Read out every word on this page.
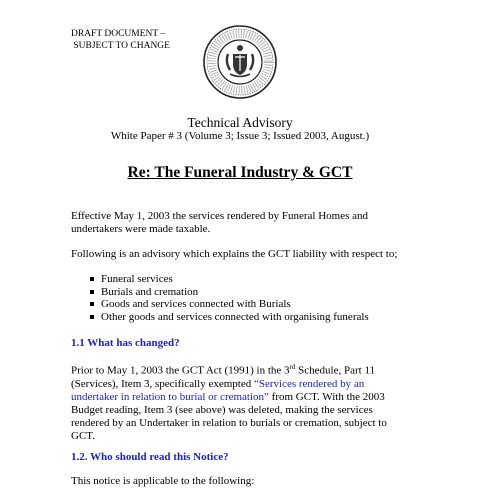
DRAFT DOCUMENT –
SUBJECT TO CHANGE
Technical Advisory
White Paper # 3 (Volume 3; Issue 3; Issued 2003, August.)
Re: The Funeral Industry & GCT
Effective May 1, 2003 the services rendered by Funeral Homes and undertakers were made taxable.
Following is an advisory which explains the GCT liability with respect to;
Funeral services
Burials and cremation
Goods and services connected with Burials
Other goods and services connected with organising funerals
1.1 What has changed?
Prior to May 1, 2003 the GCT Act (1991) in the 3rd Schedule, Part 11 (Services), Item 3, specifically exempted “Services rendered by an undertaker in relation to burial or cremation” from GCT. With the 2003 Budget reading, Item 3 (see above) was deleted, making the services rendered by an Undertaker in relation to burials or cremation, subject to GCT.
1.2. Who should read this Notice?
This notice is applicable to the following:
